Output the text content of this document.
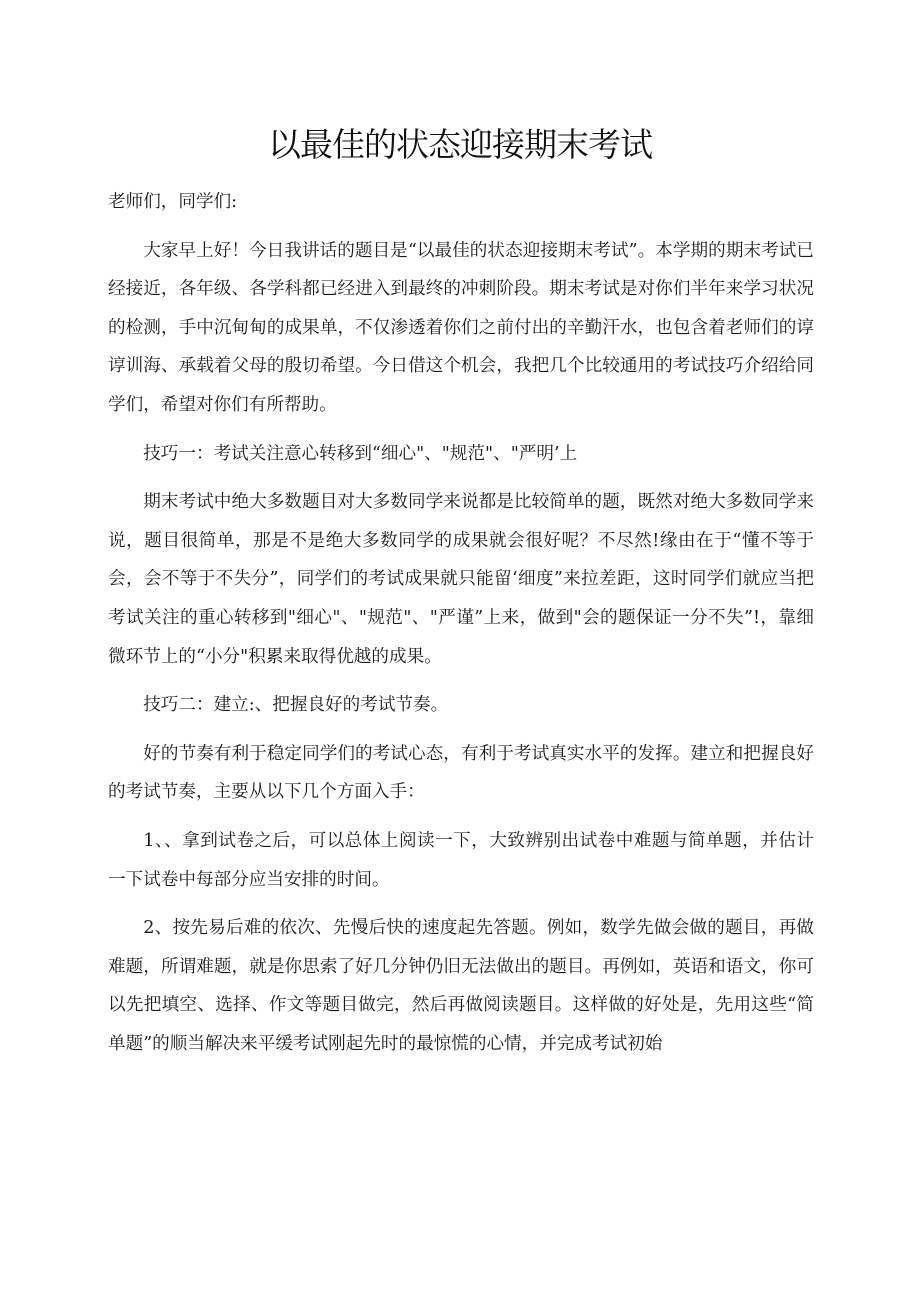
以最佳的状态迎接期末考试

老师们，同学们:

大家早上好！今日我讲话的题目是“以最佳的状态迎接期末考试”。本学期的期末考试已经接近，各年级、各学科都已经进入到最终的冲刺阶段。期末考试是对你们半年来学习状况的检测，手中沉甸甸的成果单，不仅渗透着你们之前付出的辛勤汗水，也包含着老师们的谆谆训海、承载着父母的殷切希望。今日借这个机会，我把几个比较通用的考试技巧介绍给同学们，希望对你们有所帮助。

技巧一：考试关注意心转移到“细心"、"规范"、"严明’上

期末考试中绝大多数题目对大多数同学来说都是比较简单的题，既然对绝大多数同学来说，题目很简单，那是不是绝大多数同学的成果就会很好呢？不尽然!缘由在于“懂不等于会，会不等于不失分”，同学们的考试成果就只能留‘细度”来拉差距，这时同学们就应当把考试关注的重心转移到"细心"、"规范"、"严谨”上来，做到"会的题保证一分不失”!，靠细微环节上的“小分"积累来取得优越的成果。

技巧二：建立:、把握良好的考试节奏。

好的节奏有利于稳定同学们的考试心态，有利于考试真实水平的发挥。建立和把握良好的考试节奏，主要从以下几个方面入手：

1、、拿到试卷之后，可以总体上阅读一下，大致辨别出试卷中难题与简单题，并估计一下试卷中每部分应当安排的时间。

2、按先易后难的依次、先慢后快的速度起先答题。例如，数学先做会做的题目，再做难题，所谓难题，就是你思索了好几分钟仍旧无法做出的题目。再例如，英语和语文，你可以先把填空、选择、作文等题目做完，然后再做阅读题目。这样做的好处是，先用这些“简单题”的顺当解决来平缓考试刚起先时的最惊慌的心情，并完成考试初始
